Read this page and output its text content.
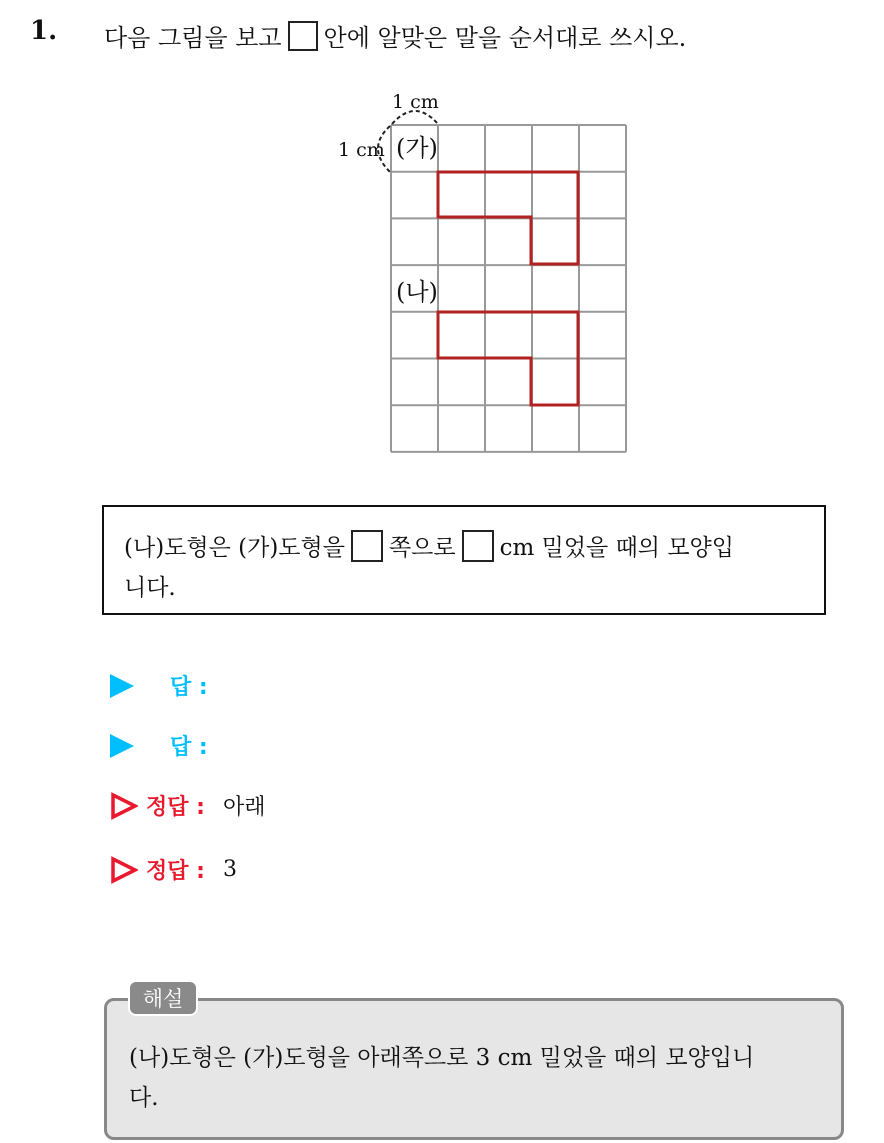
1. 다음 그림을 보고 안에 알맞은 말을 순서대로 쓰시오.
1 cm
1 cm (가)
(나)
(나)도형은 (가)도형을 쪽으로 cm 밀었을 때의 모양입
니다.
답 :
답 :
정답 : 아래
정답 : 3
(나)도형은 (가)도형을 아래쪽으로 3 cm 밀었을 때의 모양입니
다.
해설
